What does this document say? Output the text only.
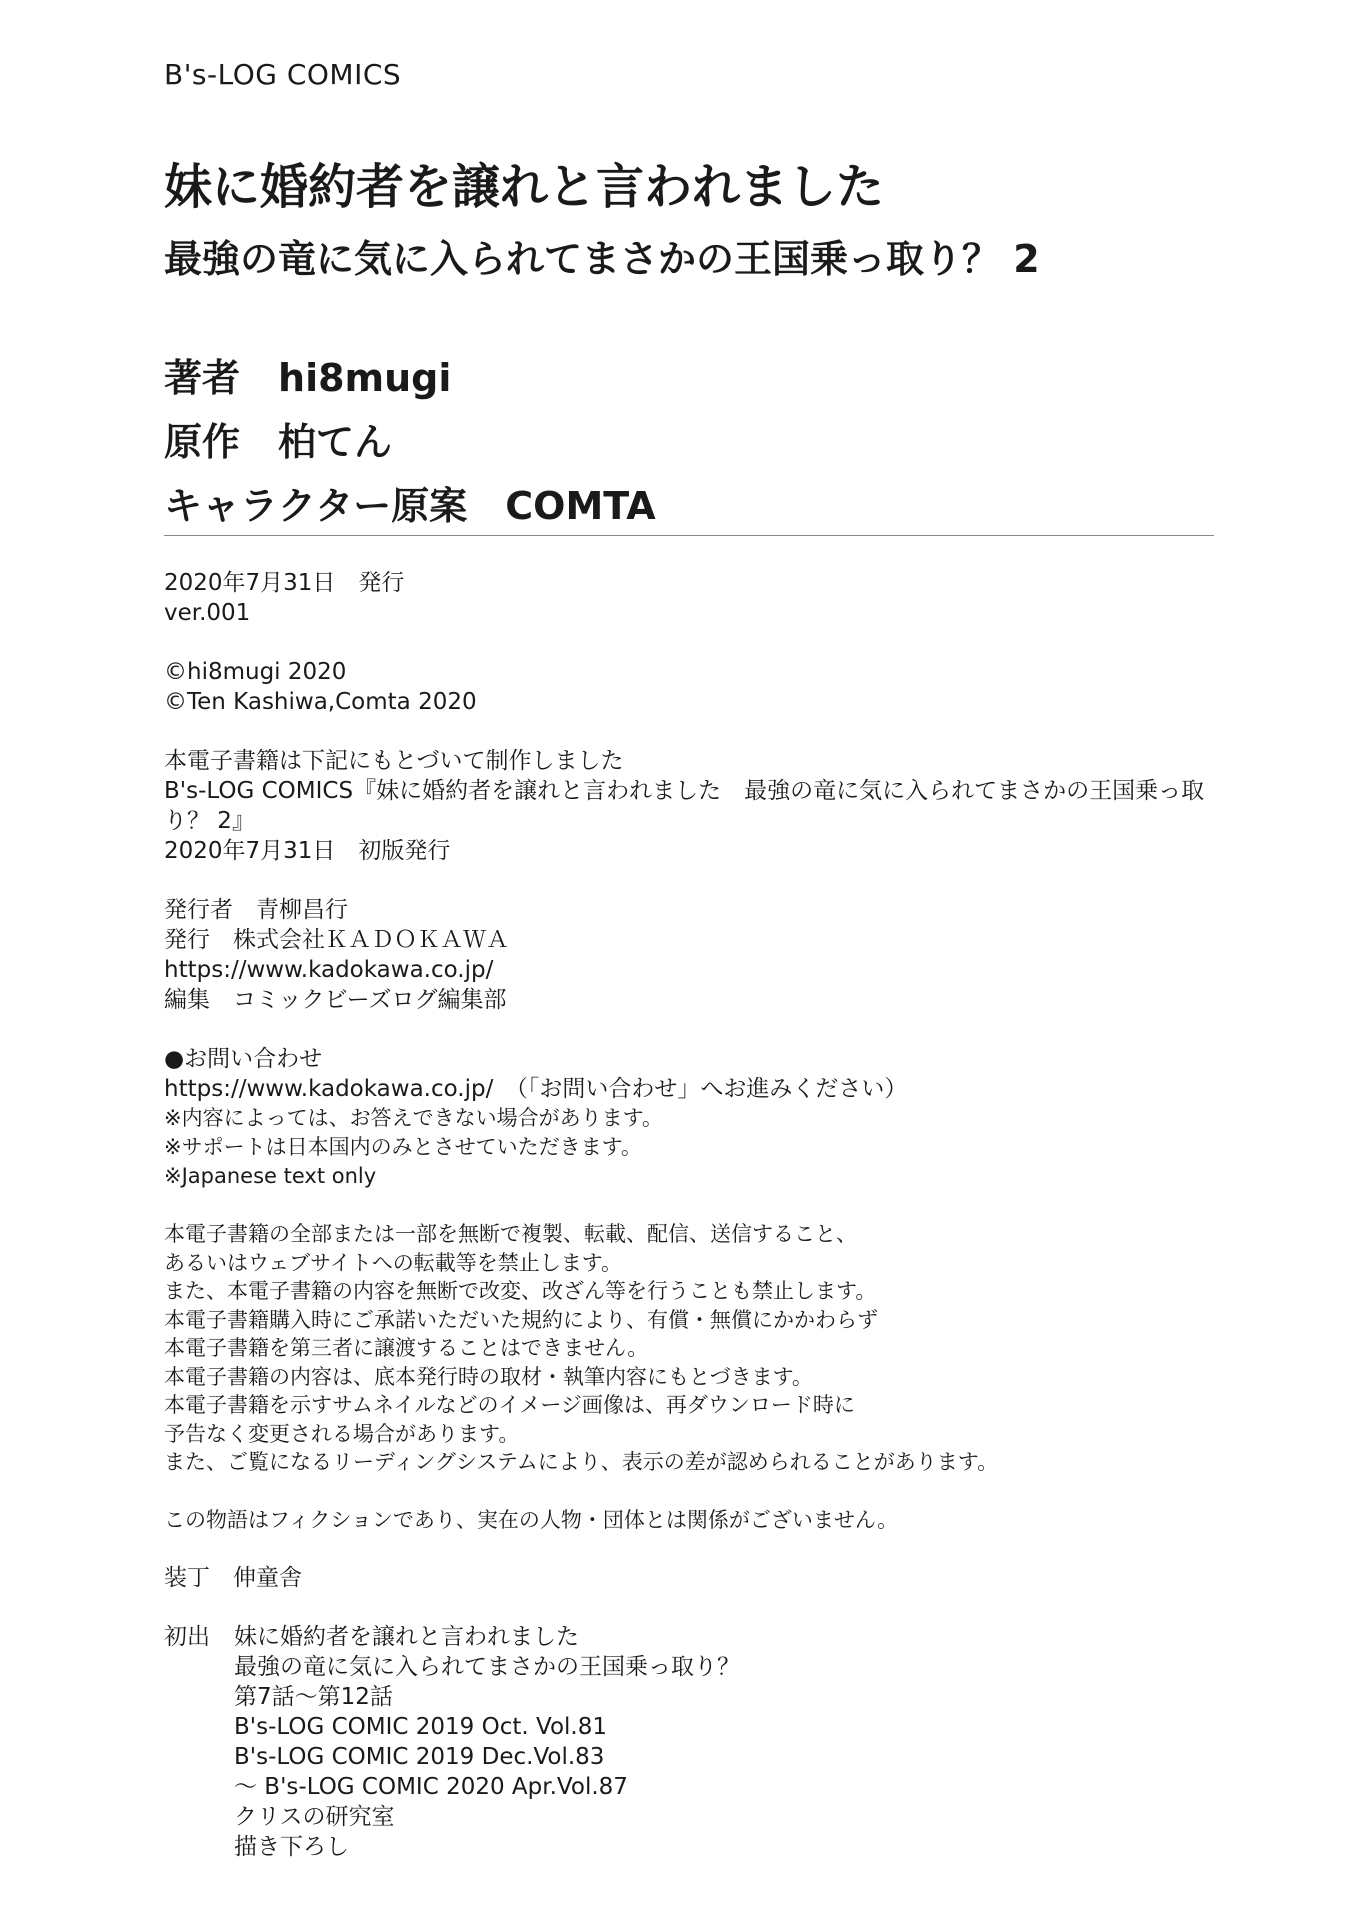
B's-LOG COMICS
妹に婚約者を譲れと言われました
最強の竜に気に入られてまさかの王国乗っ取り？ 2
著者 hi8mugi
原作 柏てん
キャラクター原案 COMTA
2020年7月31日　発行
ver.001
©hi8mugi 2020
©Ten Kashiwa,Comta 2020
本電子書籍は下記にもとづいて制作しました
B's-LOG COMICS『妹に婚約者を譲れと言われました　最強の竜に気に入られてまさかの王国乗っ取り？ 2』
2020年7月31日　初版発行
発行者　青柳昌行
発行　株式会社ＫＡＤＯＫＡＷＡ
https://www.kadokawa.co.jp/
編集　コミックビーズログ編集部
●お問い合わせ
https://www.kadokawa.co.jp/　（「お問い合わせ」へお進みください）
※内容によっては、お答えできない場合があります。
※サポートは日本国内のみとさせていただきます。
※Japanese text only
本電子書籍の全部または一部を無断で複製、転載、配信、送信すること、
あるいはウェブサイトへの転載等を禁止します。
また、本電子書籍の内容を無断で改変、改ざん等を行うことも禁止します。
本電子書籍購入時にご承諾いただいた規約により、有償・無償にかかわらず
本電子書籍を第三者に譲渡することはできません。
本電子書籍の内容は、底本発行時の取材・執筆内容にもとづきます。
本電子書籍を示すサムネイルなどのイメージ画像は、再ダウンロード時に
予告なく変更される場合があります。
また、ご覧になるリーディングシステムにより、表示の差が認められることがあります。
この物語はフィクションであり、実在の人物・団体とは関係がございません。
装丁　伸童舎
初出	妹に婚約者を譲れと言われました
最強の竜に気に入られてまさかの王国乗っ取り？
第7話～第12話
B's-LOG COMIC 2019 Oct. Vol.81
B's-LOG COMIC 2019 Dec.Vol.83
～ B's-LOG COMIC 2020 Apr.Vol.87
クリスの研究室
描き下ろし
